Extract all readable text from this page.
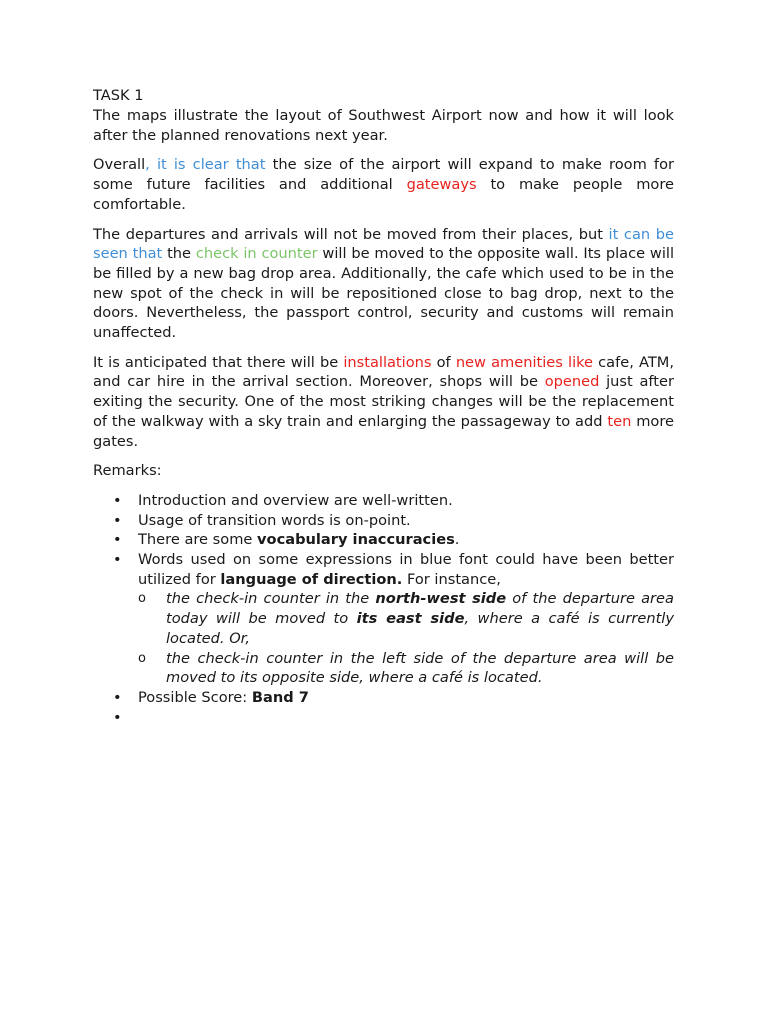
TASK 1

The maps illustrate the layout of Southwest Airport now and how it will look after the planned renovations next year.

Overall, it is clear that the size of the airport will expand to make room for some future facilities and additional gateways to make people more comfortable.

The departures and arrivals will not be moved from their places, but it can be seen that the check in counter will be moved to the opposite wall. Its place will be filled by a new bag drop area. Additionally, the cafe which used to be in the new spot of the check in will be repositioned close to bag drop, next to the doors. Nevertheless, the passport control, security and customs will remain unaffected.

It is anticipated that there will be installations of new amenities like cafe, ATM, and car hire in the arrival section. Moreover, shops will be opened just after exiting the security. One of the most striking changes will be the replacement of the walkway with a sky train and enlarging the passageway to add ten more gates.

Remarks:

• Introduction and overview are well-written.
• Usage of transition words is on-point.
• There are some vocabulary inaccuracies.
• Words used on some expressions in blue font could have been better utilized for language of direction. For instance,
o the check-in counter in the north-west side of the departure area today will be moved to its east side, where a café is currently located. Or,
o the check-in counter in the left side of the departure area will be moved to its opposite side, where a café is located.
• Possible Score: Band 7
•
